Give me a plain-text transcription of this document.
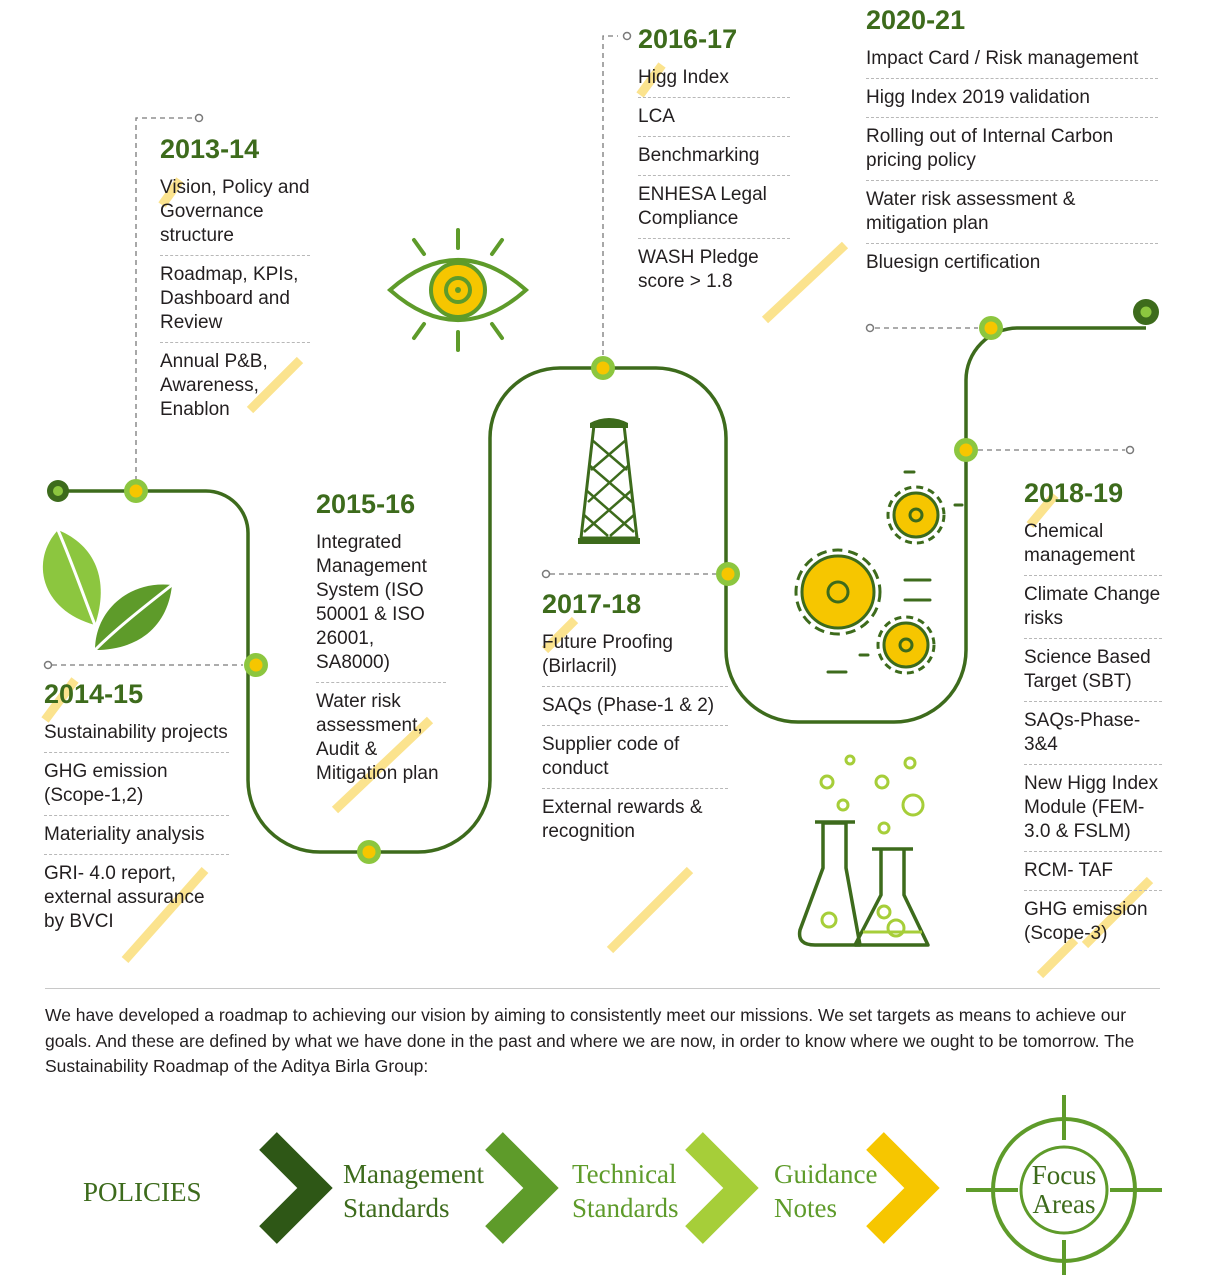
2013-14
Vision, Policy and Governance structure
Roadmap, KPIs, Dashboard and Review
Annual P&B, Awareness, Enablon
2014-15
Sustainability projects
GHG emission (Scope-1,2)
Materiality analysis
GRI- 4.0 report, external assurance by BVCI
2015-16
Integrated Management System (ISO 50001 & ISO 26001, SA8000)
Water risk assessment, Audit & Mitigation plan
2016-17
Higg Index
LCA
Benchmarking
ENHESA Legal Compliance
WASH Pledge score > 1.8
2017-18
Future Proofing (Birlacril)
SAQs (Phase-1 & 2)
Supplier code of conduct
External rewards & recognition
2018-19
Chemical management
Climate Change risks
Science Based Target (SBT)
SAQs-Phase-3&4
New Higg Index Module (FEM-3.0 & FSLM)
RCM- TAF
GHG emission (Scope-3)
2020-21
Impact Card / Risk management
Higg Index 2019 validation
Rolling out of Internal Carbon pricing policy
Water risk assessment & mitigation plan
Bluesign certification
We have developed a roadmap to achieving our vision by aiming to consistently meet our missions. We set targets as means to achieve our goals. And these are defined by what we have done in the past and where we are now, in order to know where we ought to be tomorrow. The Sustainability Roadmap of the Aditya Birla Group:
POLICIES
Management
Standards
Technical
Standards
Guidance
Notes
Focus
Areas
